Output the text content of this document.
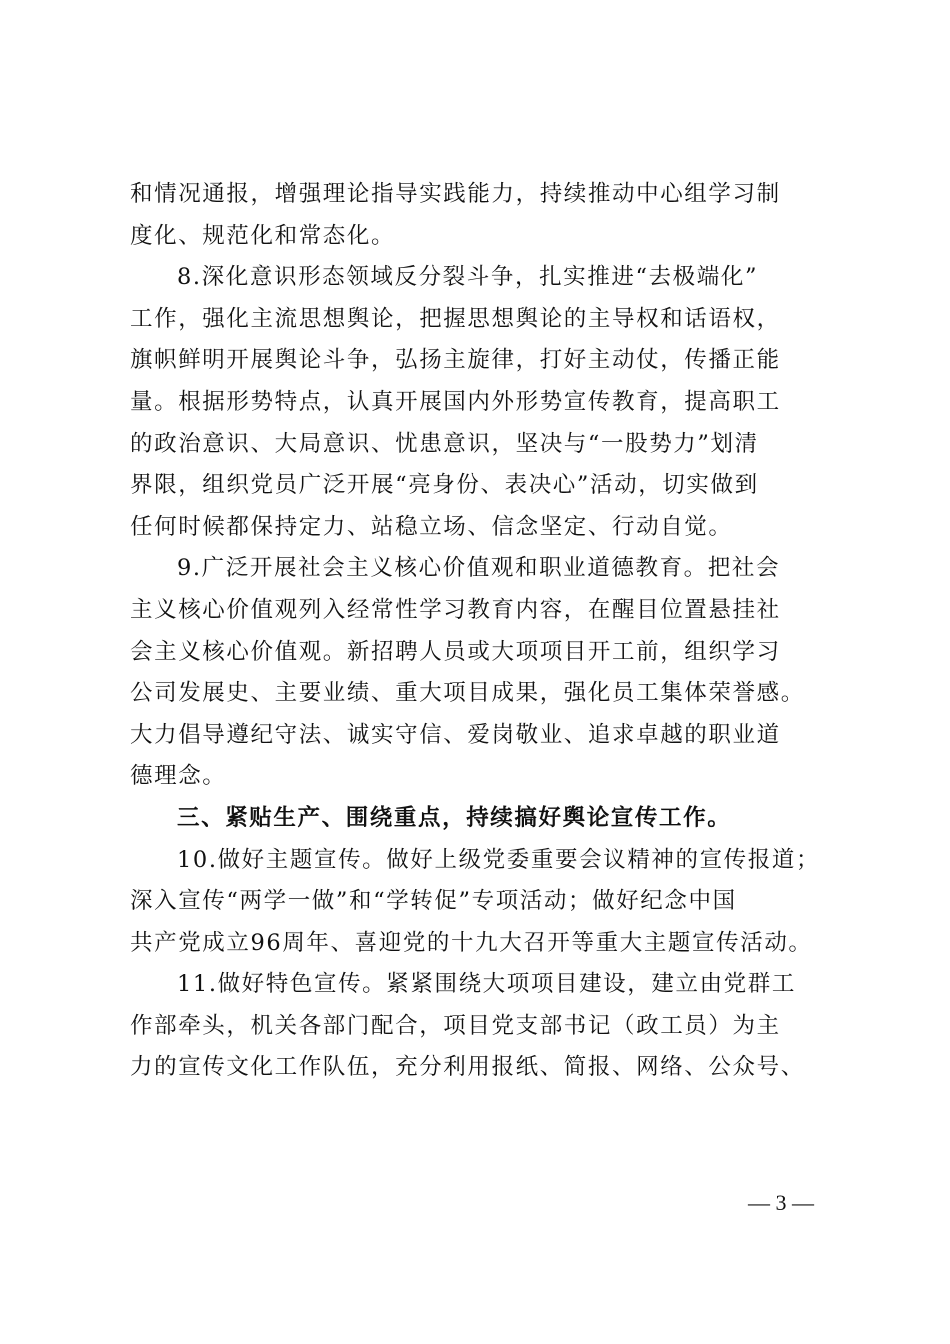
和情况通报，增强理论指导实践能力，持续推动中心组学习制
度化、规范化和常态化。
8.深化意识形态领域反分裂斗争，扎实推进“去极端化”
工作，强化主流思想舆论，把握思想舆论的主导权和话语权，
旗帜鲜明开展舆论斗争，弘扬主旋律，打好主动仗，传播正能
量。根据形势特点，认真开展国内外形势宣传教育，提高职工
的政治意识、大局意识、忧患意识，坚决与“一股势力”划清
界限，组织党员广泛开展“亮身份、表决心”活动，切实做到
任何时候都保持定力、站稳立场、信念坚定、行动自觉。
9.广泛开展社会主义核心价值观和职业道德教育。把社会
主义核心价值观列入经常性学习教育内容，在醒目位置悬挂社
会主义核心价值观。新招聘人员或大项项目开工前，组织学习
公司发展史、主要业绩、重大项目成果，强化员工集体荣誉感。
大力倡导遵纪守法、诚实守信、爱岗敬业、追求卓越的职业道
德理念。
三、紧贴生产、围绕重点，持续搞好舆论宣传工作。
10.做好主题宣传。做好上级党委重要会议精神的宣传报道；
深入宣传“两学一做”和“学转促”专项活动；做好纪念中国
共产党成立96周年、喜迎党的十九大召开等重大主题宣传活动。
11.做好特色宣传。紧紧围绕大项项目建设，建立由党群工
作部牵头，机关各部门配合，项目党支部书记（政工员）为主
力的宣传文化工作队伍，充分利用报纸、简报、网络、公众号、
— 3 —
